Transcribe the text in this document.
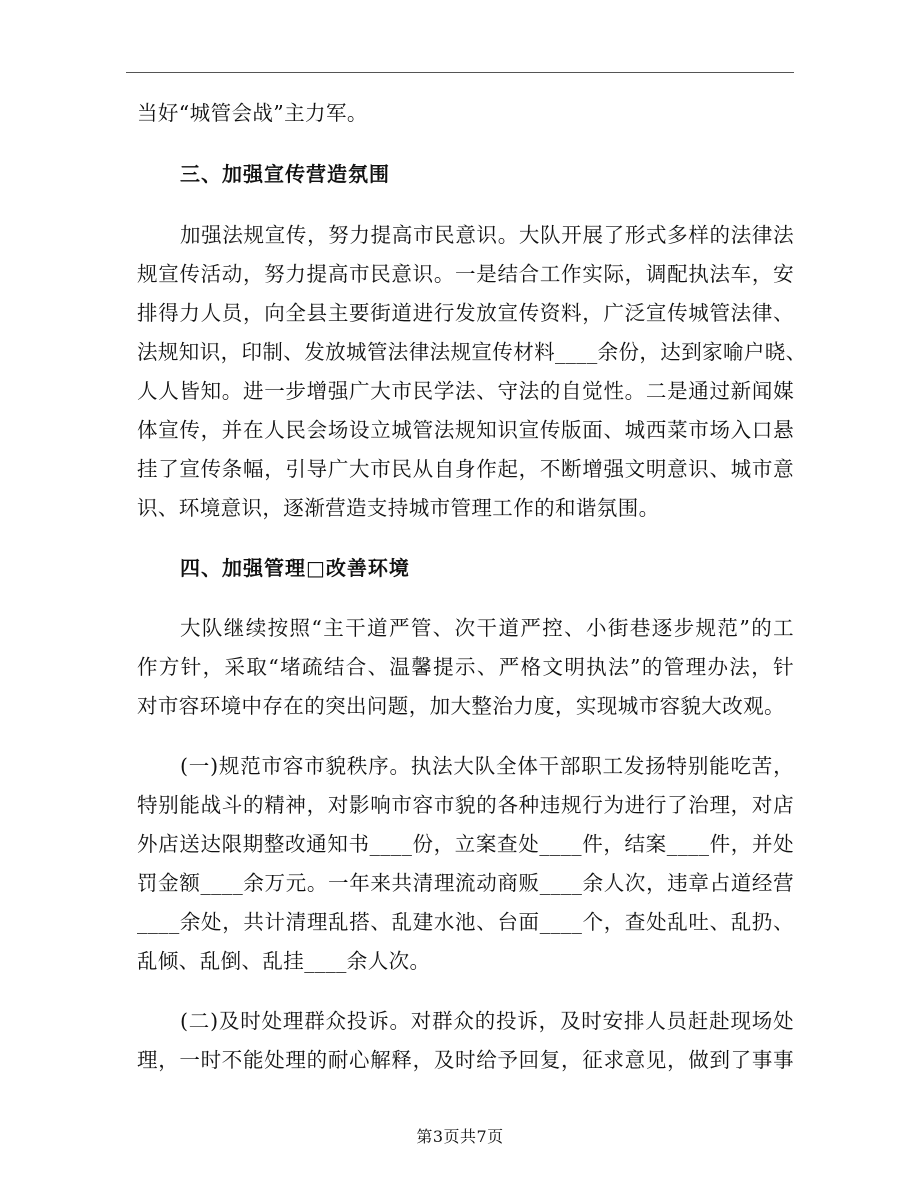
当好“城管会战”主力军。

三、加强宣传营造氛围

加强法规宣传，努力提高市民意识。大队开展了形式多样的法律法

规宣传活动，努力提高市民意识。一是结合工作实际，调配执法车，安

排得力人员，向全县主要街道进行发放宣传资料，广泛宣传城管法律、

法规知识，印制、发放城管法律法规宣传材料____余份，达到家喻户晓、

人人皆知。进一步增强广大市民学法、守法的自觉性。二是通过新闻媒

体宣传，并在人民会场设立城管法规知识宣传版面、城西菜市场入口悬

挂了宣传条幅，引导广大市民从自身作起，不断增强文明意识、城市意

识、环境意识，逐渐营造支持城市管理工作的和谐氛围。

四、加强管理□改善环境

大队继续按照“主干道严管、次干道严控、小街巷逐步规范”的工

作方针，采取“堵疏结合、温馨提示、严格文明执法”的管理办法，针

对市容环境中存在的突出问题，加大整治力度，实现城市容貌大改观。

(一)规范市容市貌秩序。执法大队全体干部职工发扬特别能吃苦，

特别能战斗的精神，对影响市容市貌的各种违规行为进行了治理，对店

外店送达限期整改通知书____份，立案查处____件，结案____件，并处

罚金额____余万元。一年来共清理流动商贩____余人次，违章占道经营

____余处，共计清理乱搭、乱建水池、台面____个，查处乱吐、乱扔、

乱倾、乱倒、乱挂____余人次。

(二)及时处理群众投诉。对群众的投诉，及时安排人员赶赴现场处

理，一时不能处理的耐心解释，及时给予回复，征求意见，做到了事事

第3页共7页
